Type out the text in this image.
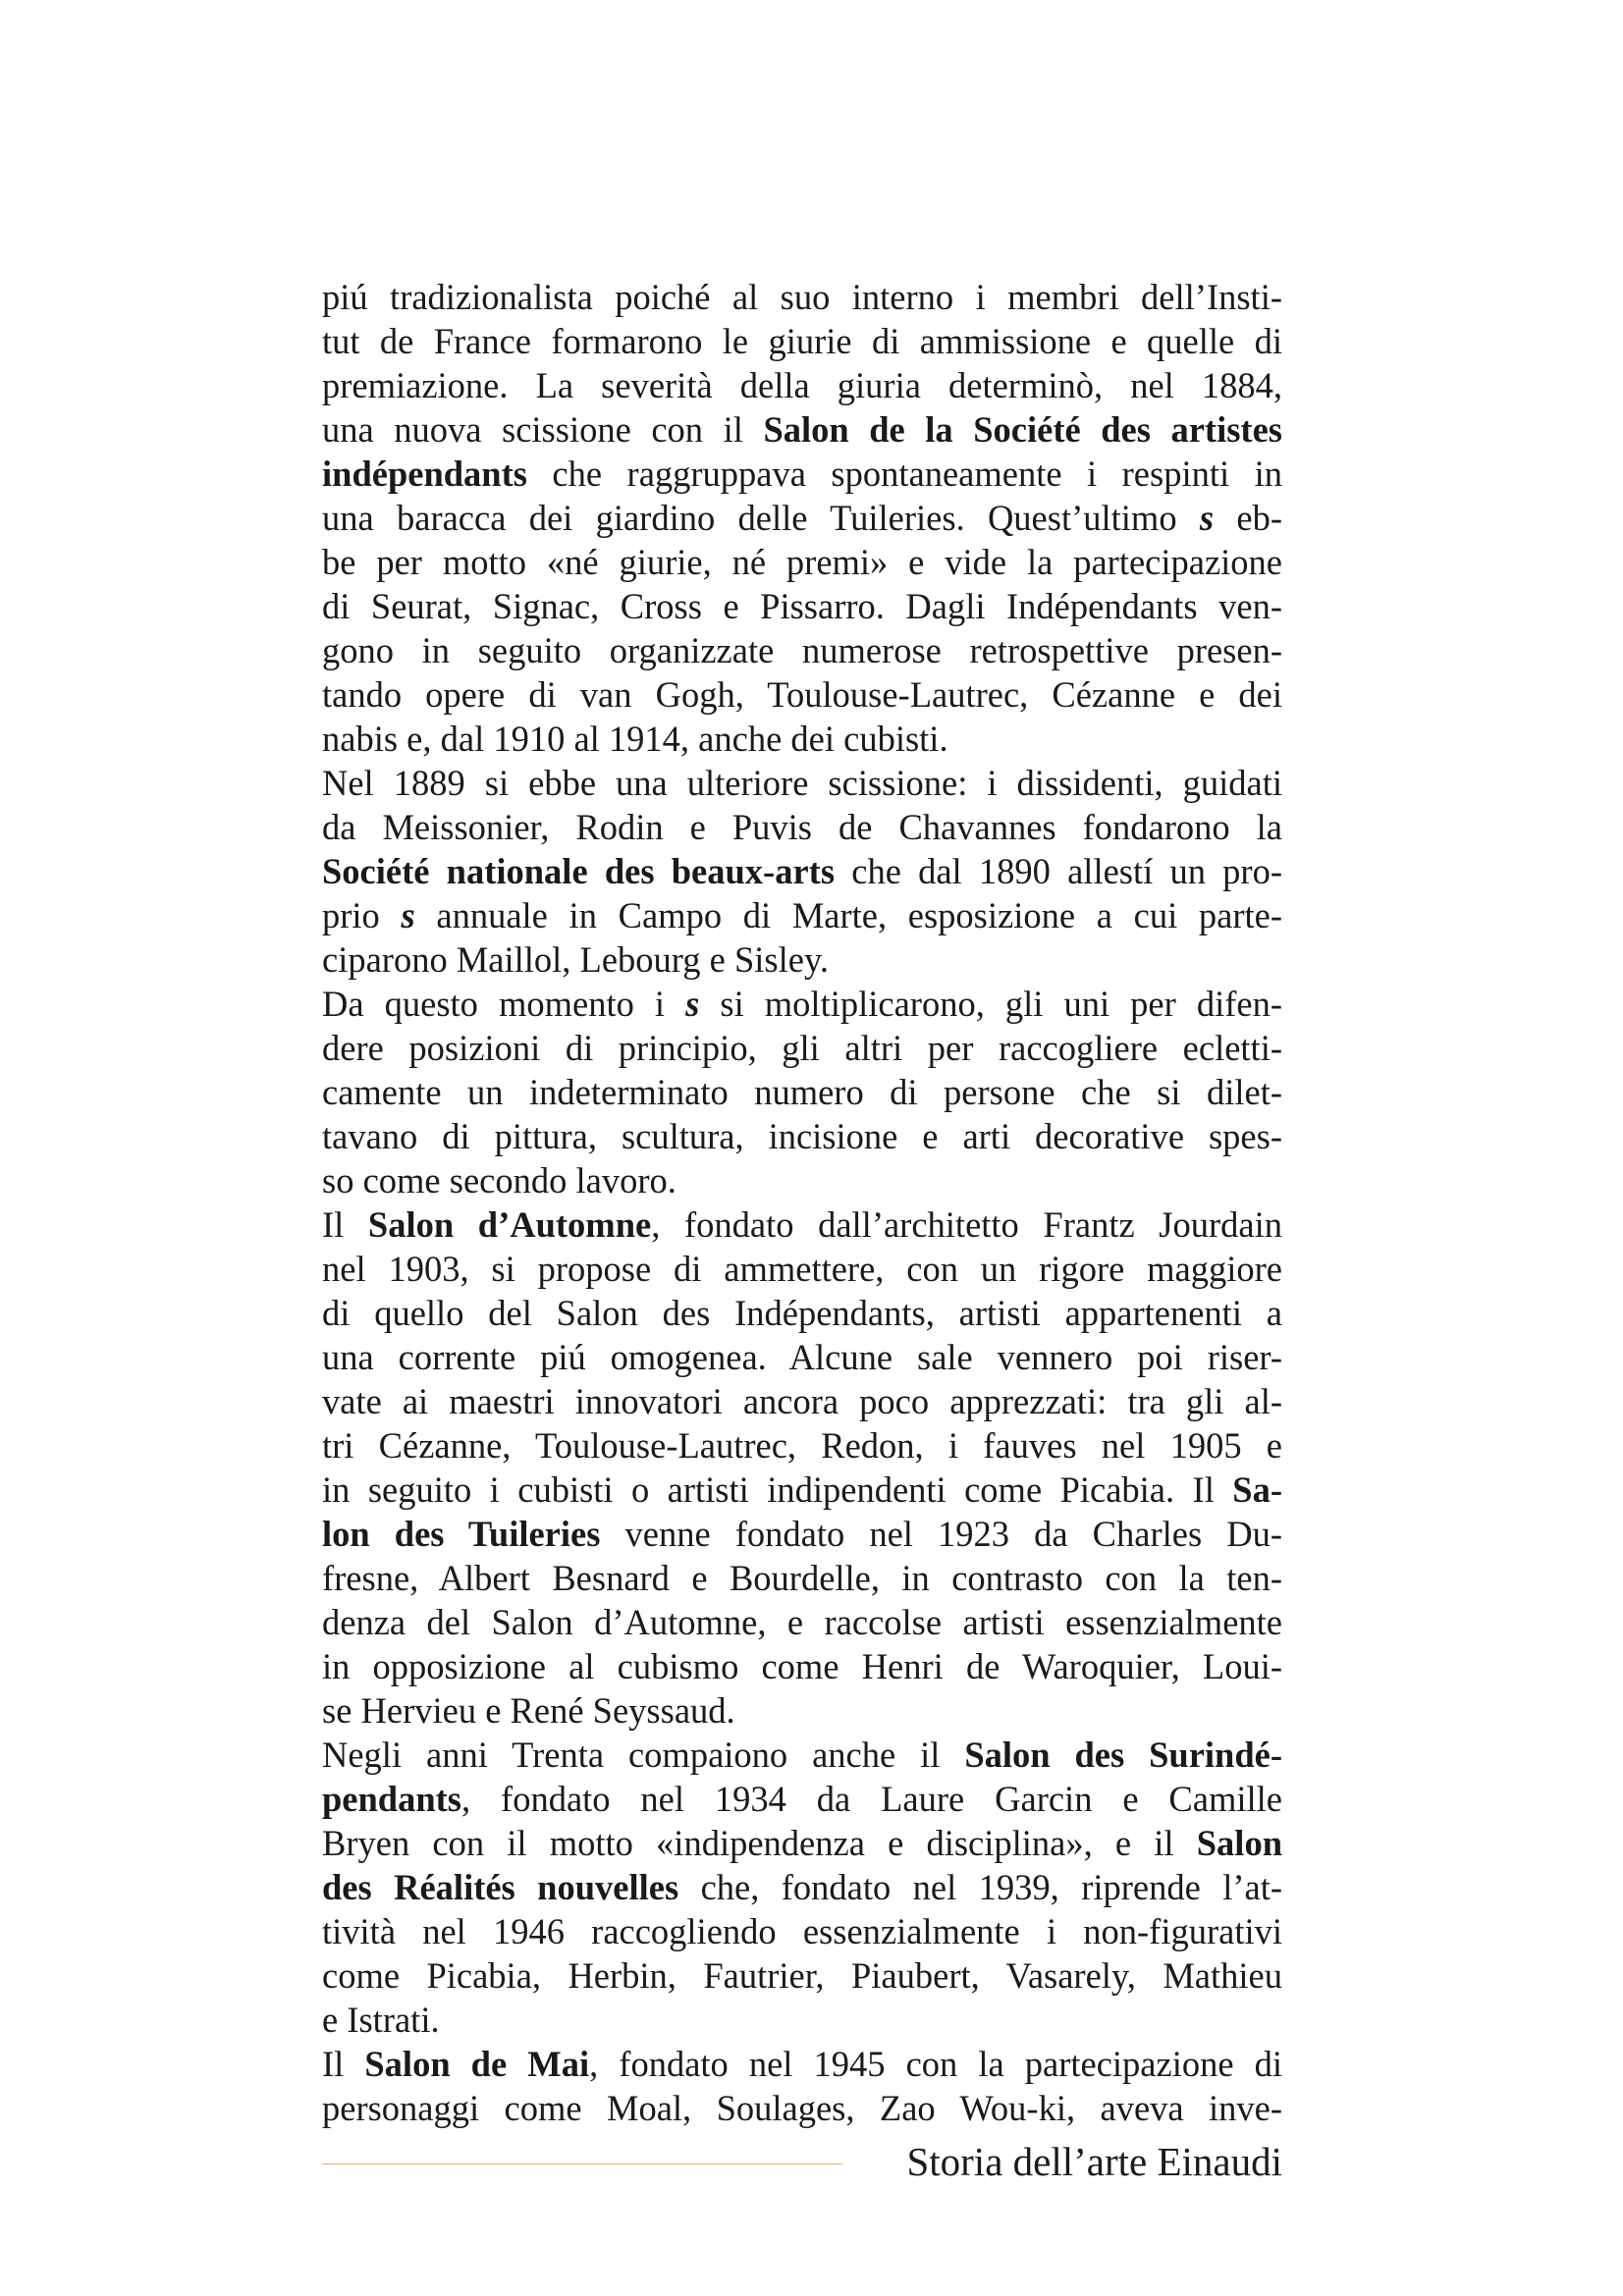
piú tradizionalista poiché al suo interno i membri dell’Insti-
tut de France formarono le giurie di ammissione e quelle di
premiazione. La severità della giuria determinò, nel 1884,
una nuova scissione con il Salon de la Société des artistes
indépendants che raggruppava spontaneamente i respinti in
una baracca dei giardino delle Tuileries. Quest’ultimo s eb-
be per motto «né giurie, né premi» e vide la partecipazione
di Seurat, Signac, Cross e Pissarro. Dagli Indépendants ven-
gono in seguito organizzate numerose retrospettive presen-
tando opere di van Gogh, Toulouse-Lautrec, Cézanne e dei
nabis e, dal 1910 al 1914, anche dei cubisti.
Nel 1889 si ebbe una ulteriore scissione: i dissidenti, guidati
da Meissonier, Rodin e Puvis de Chavannes fondarono la
Société nationale des beaux-arts che dal 1890 allestí un pro-
prio s annuale in Campo di Marte, esposizione a cui parte-
ciparono Maillol, Lebourg e Sisley.
Da questo momento i s si moltiplicarono, gli uni per difen-
dere posizioni di principio, gli altri per raccogliere ecletti-
camente un indeterminato numero di persone che si dilet-
tavano di pittura, scultura, incisione e arti decorative spes-
so come secondo lavoro.
Il Salon d’Automne, fondato dall’architetto Frantz Jourdain
nel 1903, si propose di ammettere, con un rigore maggiore
di quello del Salon des Indépendants, artisti appartenenti a
una corrente piú omogenea. Alcune sale vennero poi riser-
vate ai maestri innovatori ancora poco apprezzati: tra gli al-
tri Cézanne, Toulouse-Lautrec, Redon, i fauves nel 1905 e
in seguito i cubisti o artisti indipendenti come Picabia. Il Sa-
lon des Tuileries venne fondato nel 1923 da Charles Du-
fresne, Albert Besnard e Bourdelle, in contrasto con la ten-
denza del Salon d’Automne, e raccolse artisti essenzialmente
in opposizione al cubismo come Henri de Waroquier, Loui-
se Hervieu e René Seyssaud.
Negli anni Trenta compaiono anche il Salon des Surindé-
pendants, fondato nel 1934 da Laure Garcin e Camille
Bryen con il motto «indipendenza e disciplina», e il Salon
des Réalités nouvelles che, fondato nel 1939, riprende l’at-
tività nel 1946 raccogliendo essenzialmente i non-figurativi
come Picabia, Herbin, Fautrier, Piaubert, Vasarely, Mathieu
e Istrati.
Il Salon de Mai, fondato nel 1945 con la partecipazione di
personaggi come Moal, Soulages, Zao Wou-ki, aveva inve-
Storia dell’arte Einaudi
